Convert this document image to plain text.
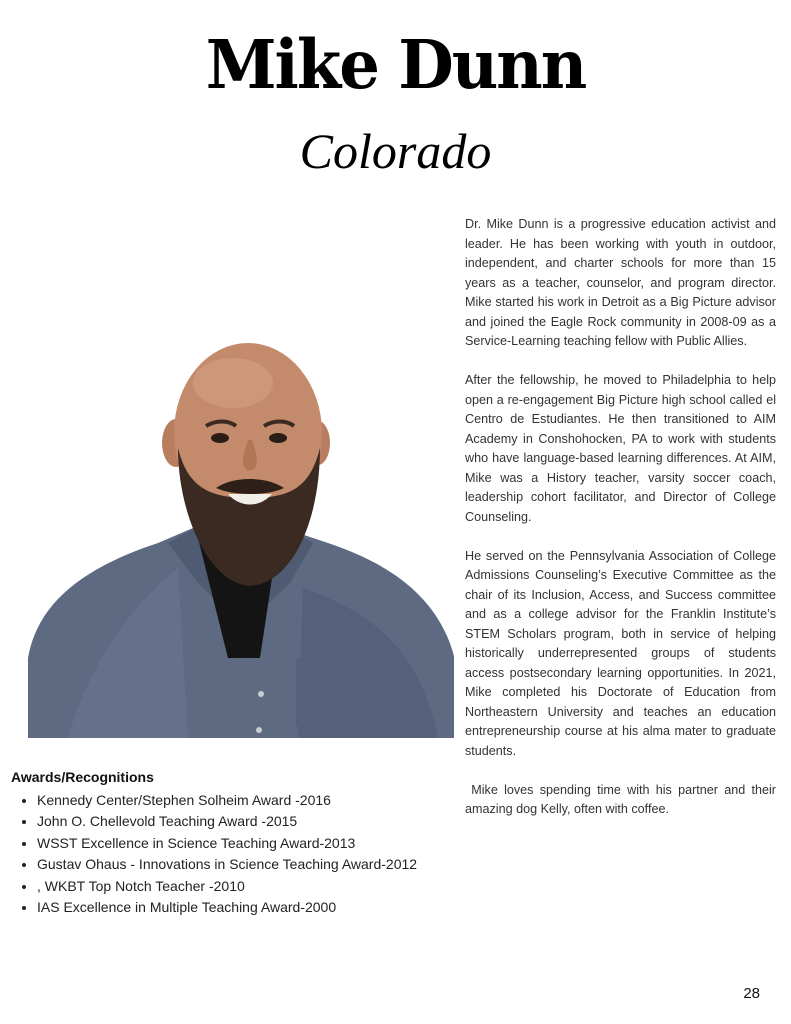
Mike Dunn
Colorado

Dr. Mike Dunn is a progressive education activist and leader. He has been working with youth in outdoor, independent, and charter schools for more than 15 years as a teacher, counselor, and program director. Mike started his work in Detroit as a Big Picture advisor and joined the Eagle Rock community in 2008-09 as a Service-Learning teaching fellow with Public Allies.

After the fellowship, he moved to Philadelphia to help open a re-engagement Big Picture high school called el Centro de Estudiantes. He then transitioned to AIM Academy in Conshohocken, PA to work with students who have language-based learning differences. At AIM, Mike was a History teacher, varsity soccer coach, leadership cohort facilitator, and Director of College Counseling.

He served on the Pennsylvania Association of College Admissions Counseling’s Executive Committee as the chair of its Inclusion, Access, and Success committee and as a college advisor for the Franklin Institute’s STEM Scholars program, both in service of helping historically underrepresented groups of students access postsecondary learning opportunities. In 2021, Mike completed his Doctorate of Education from Northeastern University and teaches an education entrepreneurship course at his alma mater to graduate students.

Mike loves spending time with his partner and their amazing dog Kelly, often with coffee.

Awards/Recognitions
• Kennedy Center/Stephen Solheim Award -2016
• John O. Chellevold Teaching Award -2015
• WSST Excellence in Science Teaching Award-2013
• Gustav Ohaus - Innovations in Science Teaching Award-2012
• , WKBT Top Notch Teacher -2010
• IAS Excellence in Multiple Teaching Award-2000
28
